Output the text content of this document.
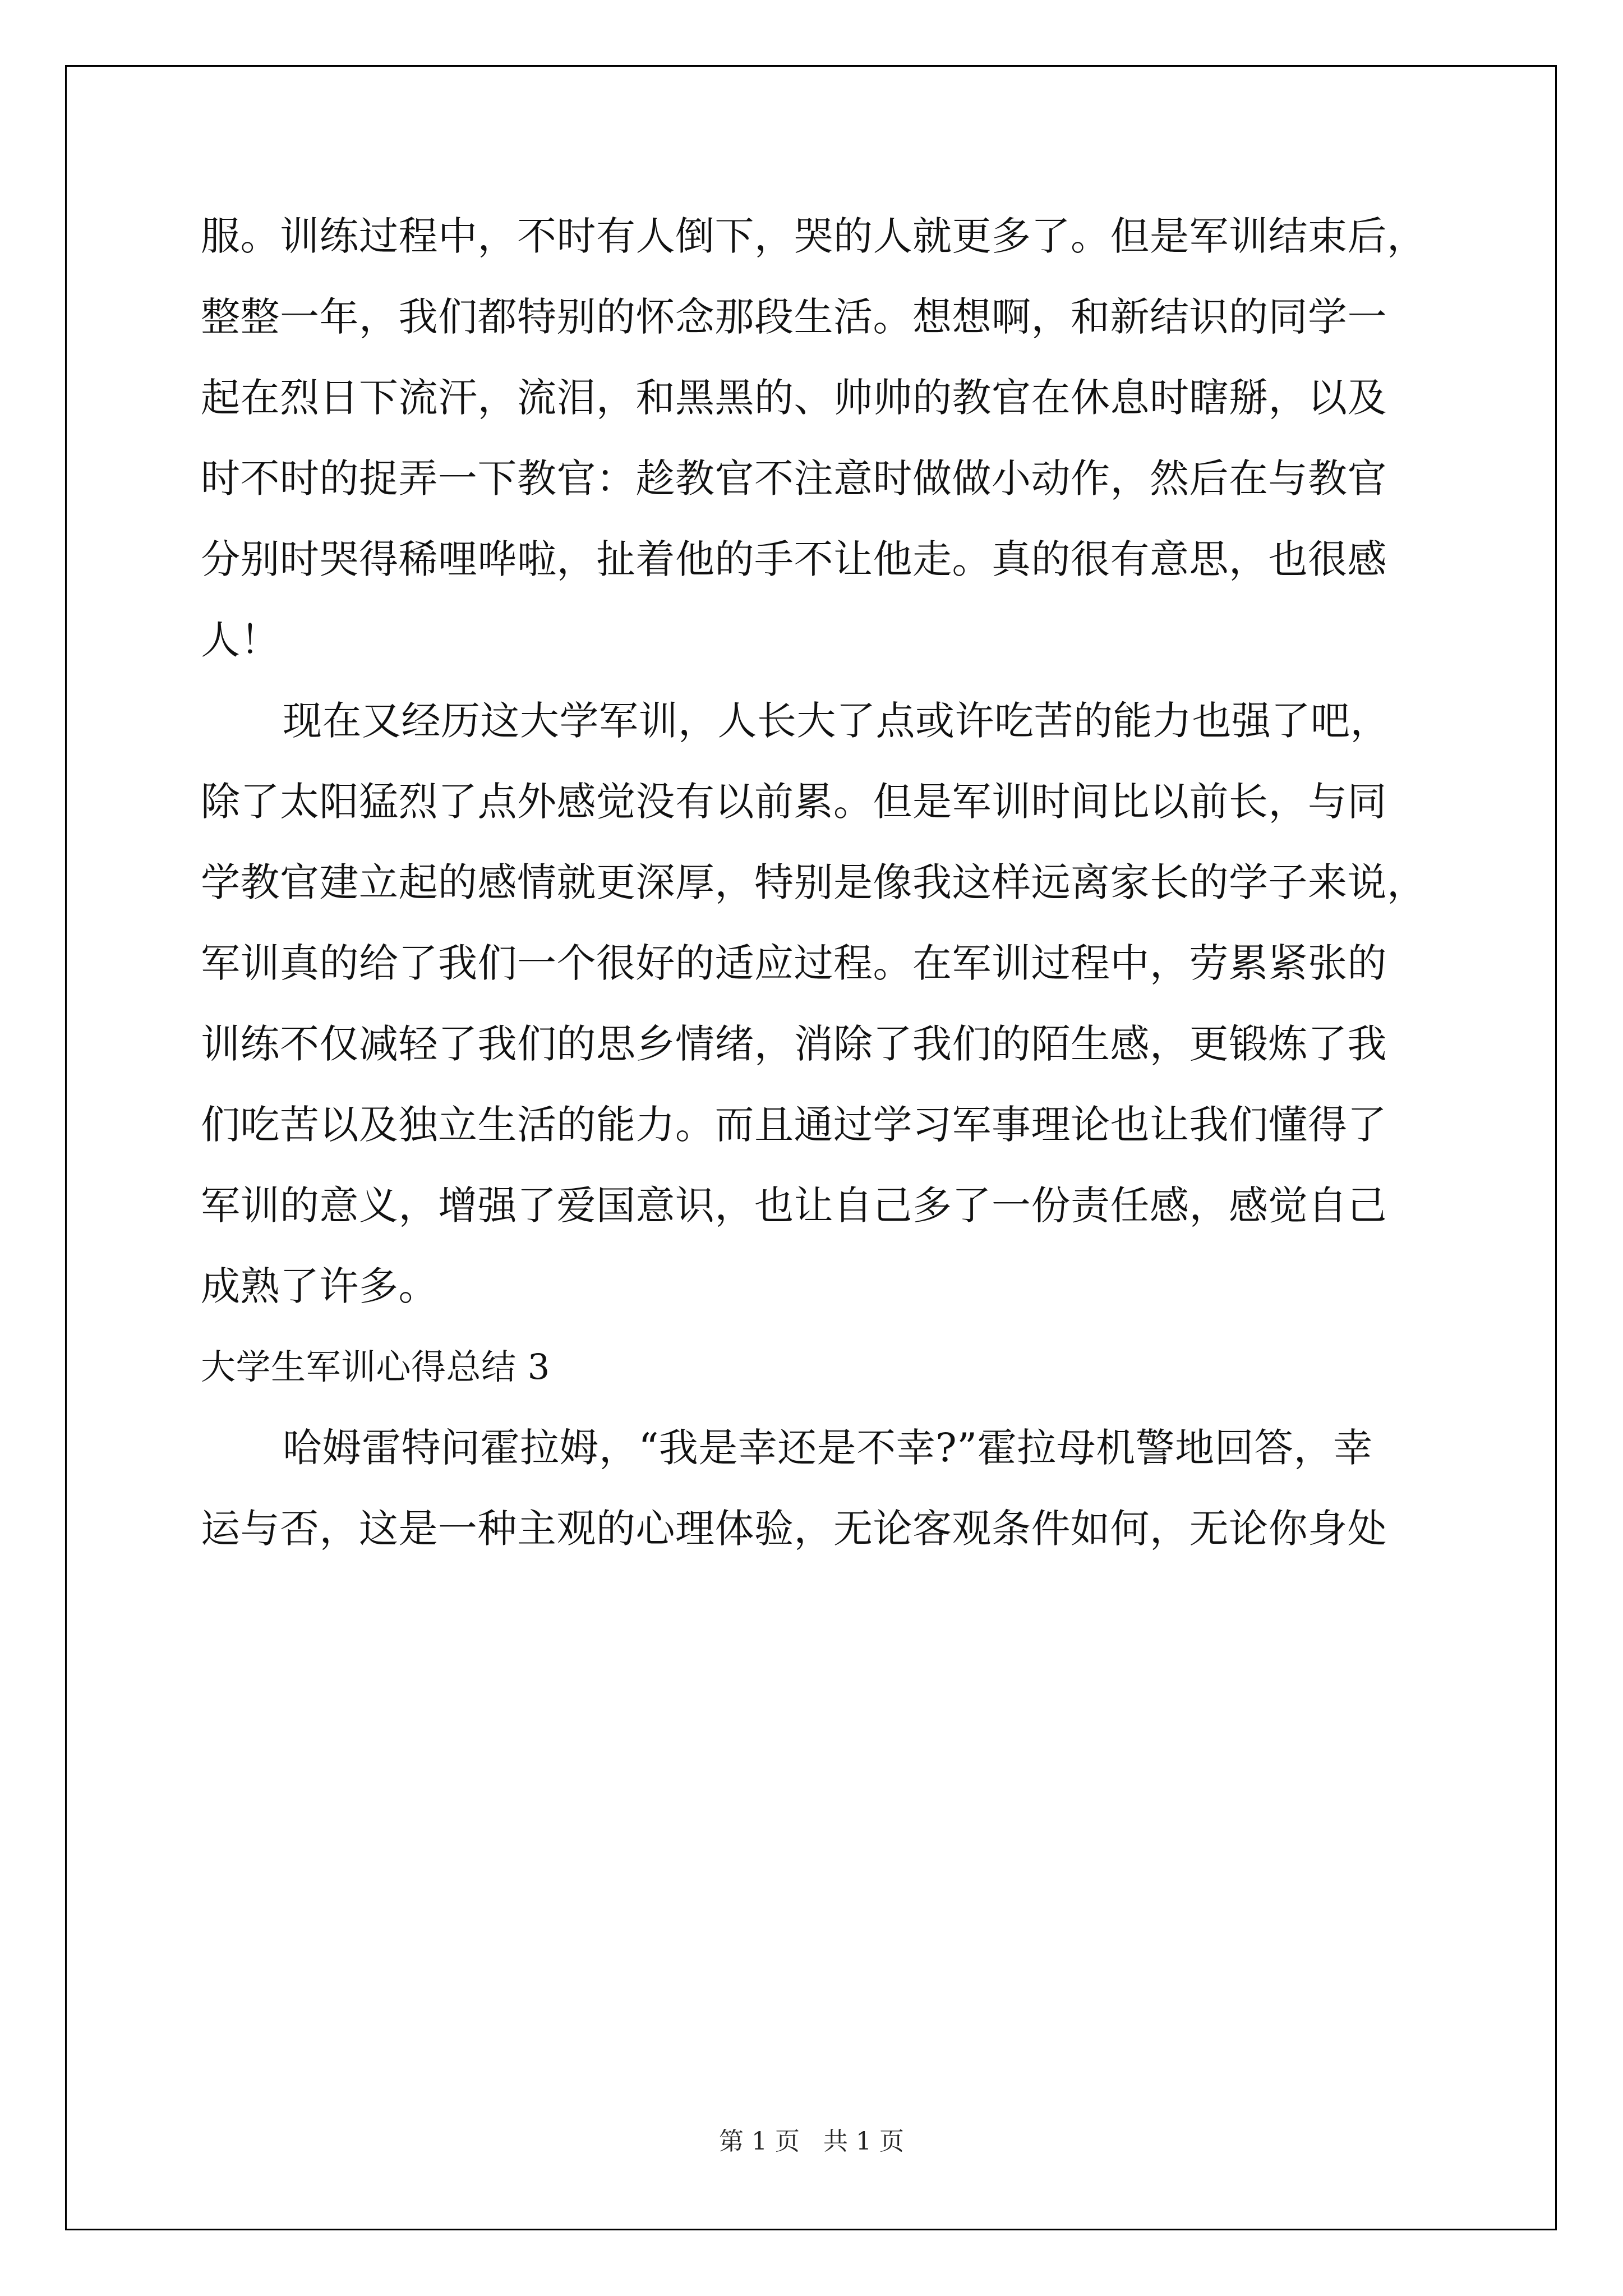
服。训练过程中，不时有人倒下，哭的人就更多了。但是军训结束后，
整整一年，我们都特别的怀念那段生活。想想啊，和新结识的同学一
起在烈日下流汗，流泪，和黑黑的、帅帅的教官在休息时瞎掰，以及
时不时的捉弄一下教官：趁教官不注意时做做小动作，然后在与教官
分别时哭得稀哩哗啦，扯着他的手不让他走。真的很有意思，也很感
人！
现在又经历这大学军训，人长大了点或许吃苦的能力也强了吧，
除了太阳猛烈了点外感觉没有以前累。但是军训时间比以前长，与同
学教官建立起的感情就更深厚，特别是像我这样远离家长的学子来说，
军训真的给了我们一个很好的适应过程。在军训过程中，劳累紧张的
训练不仅减轻了我们的思乡情绪，消除了我们的陌生感，更锻炼了我
们吃苦以及独立生活的能力。而且通过学习军事理论也让我们懂得了
军训的意义，增强了爱国意识，也让自己多了一份责任感，感觉自己
成熟了许多。
大学生军训心得总结 3
哈姆雷特问霍拉姆，“我是幸还是不幸?”霍拉母机警地回答，幸
运与否，这是一种主观的心理体验，无论客观条件如何，无论你身处
第 1 页   共 1 页
